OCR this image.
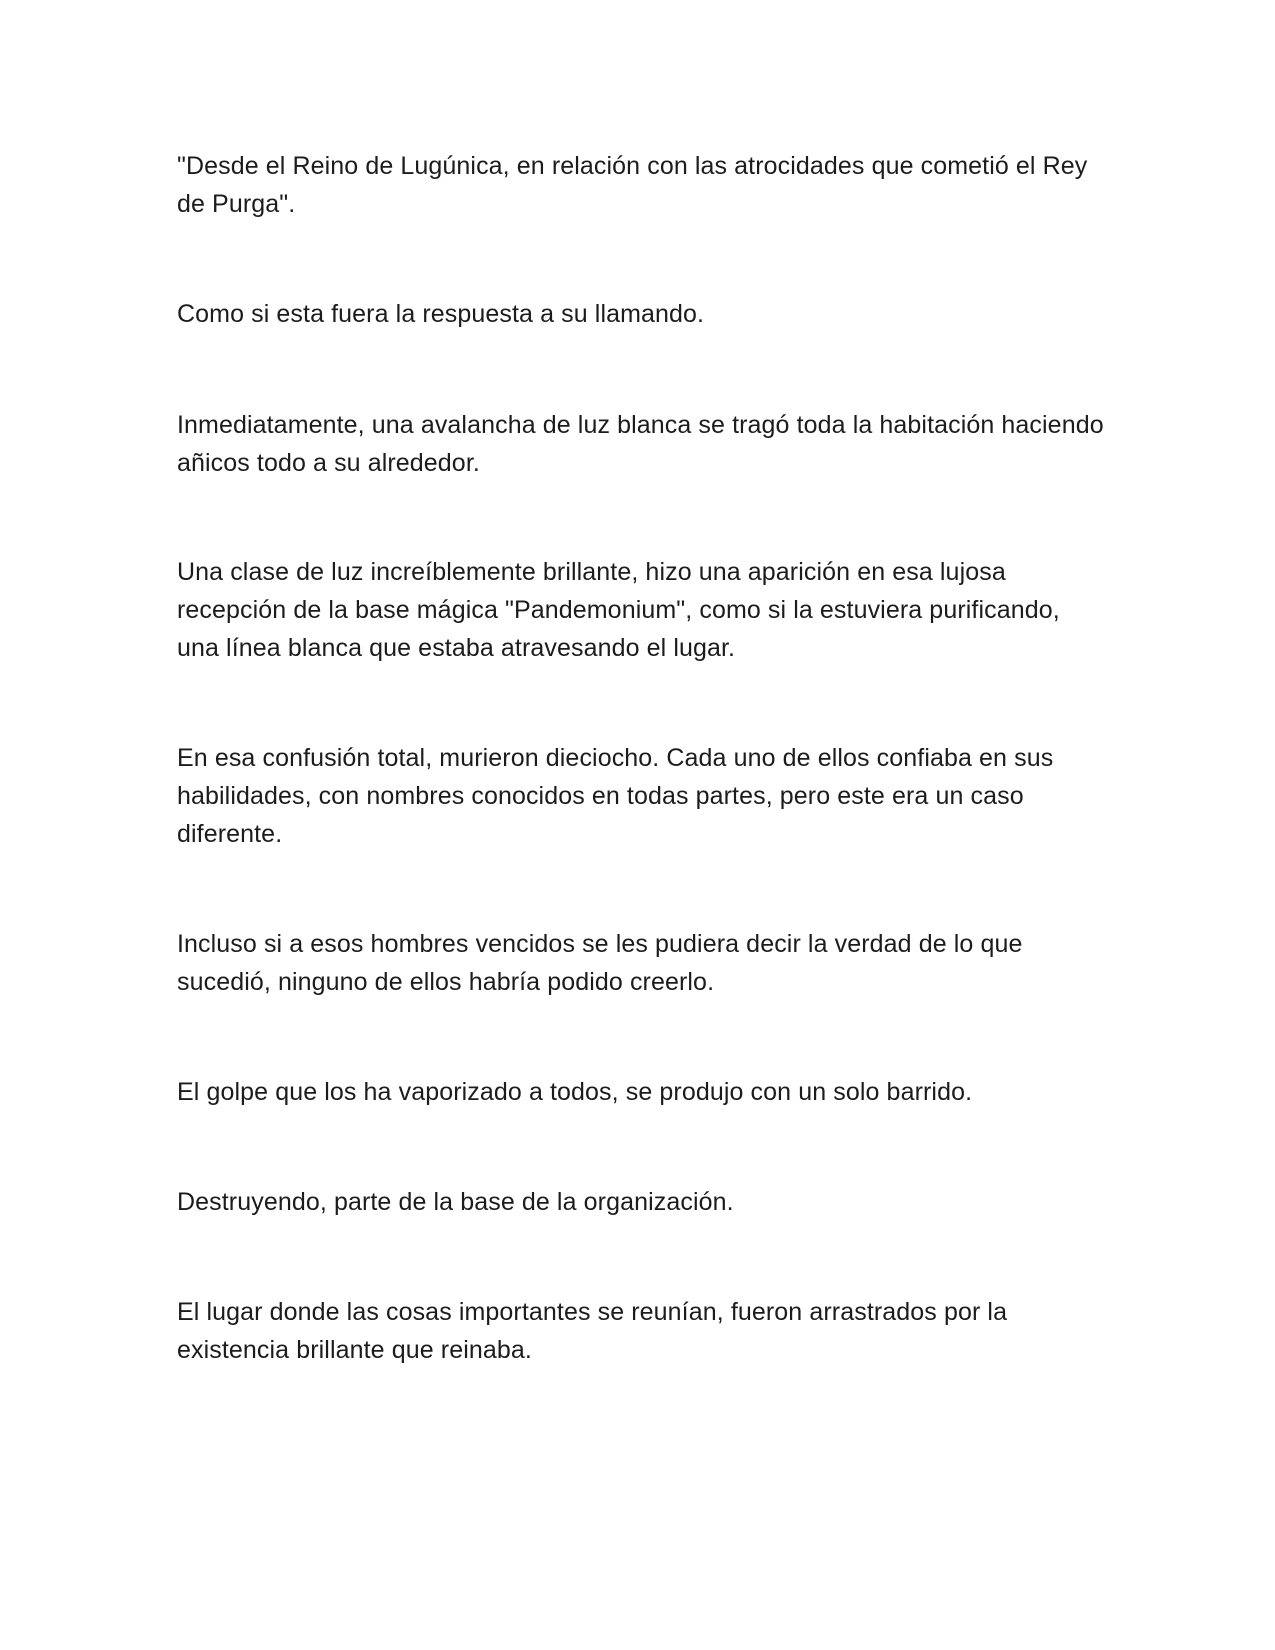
"Desde el Reino de Lugúnica, en relación con las atrocidades que cometió el Rey de Purga".

Como si esta fuera la respuesta a su llamando.

Inmediatamente, una avalancha de luz blanca se tragó toda la habitación haciendo añicos todo a su alrededor.

Una clase de luz increíblemente brillante, hizo una aparición en esa lujosa recepción de la base mágica "Pandemonium", como si la estuviera purificando, una línea blanca que estaba atravesando el lugar.

En esa confusión total, murieron dieciocho. Cada uno de ellos confiaba en sus habilidades, con nombres conocidos en todas partes, pero este era un caso diferente.

Incluso si a esos hombres vencidos se les pudiera decir la verdad de lo que sucedió, ninguno de ellos habría podido creerlo.

El golpe que los ha vaporizado a todos, se produjo con un solo barrido.

Destruyendo, parte de la base de la organización.

El lugar donde las cosas importantes se reunían, fueron arrastrados por la existencia brillante que reinaba.
